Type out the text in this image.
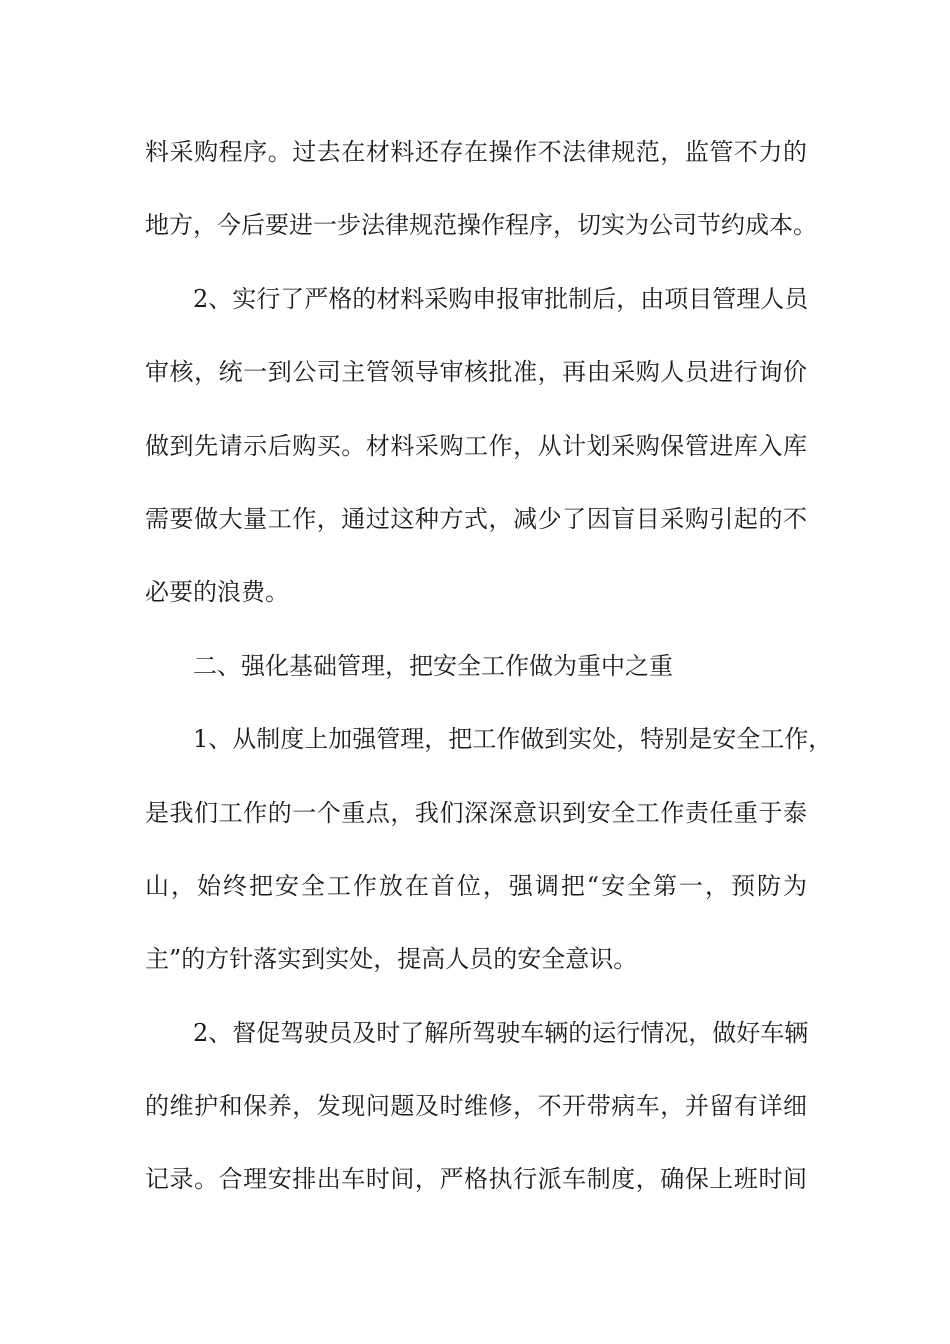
料采购程序。过去在材料还存在操作不法律规范，监管不力的
地方，今后要进一步法律规范操作程序，切实为公司节约成本。
2、实行了严格的材料采购申报审批制后，由项目管理人员
审核，统一到公司主管领导审核批准，再由采购人员进行询价
做到先请示后购买。材料采购工作，从计划采购保管进库入库
需要做大量工作，通过这种方式，减少了因盲目采购引起的不
必要的浪费。
二、强化基础管理，把安全工作做为重中之重
1、从制度上加强管理，把工作做到实处，特别是安全工作，
是我们工作的一个重点，我们深深意识到安全工作责任重于泰
山，始终把安全工作放在首位，强调把“安全第一，预防为
主”的方针落实到实处，提高人员的安全意识。
2、督促驾驶员及时了解所驾驶车辆的运行情况，做好车辆
的维护和保养，发现问题及时维修，不开带病车，并留有详细
记录。合理安排出车时间，严格执行派车制度，确保上班时间
